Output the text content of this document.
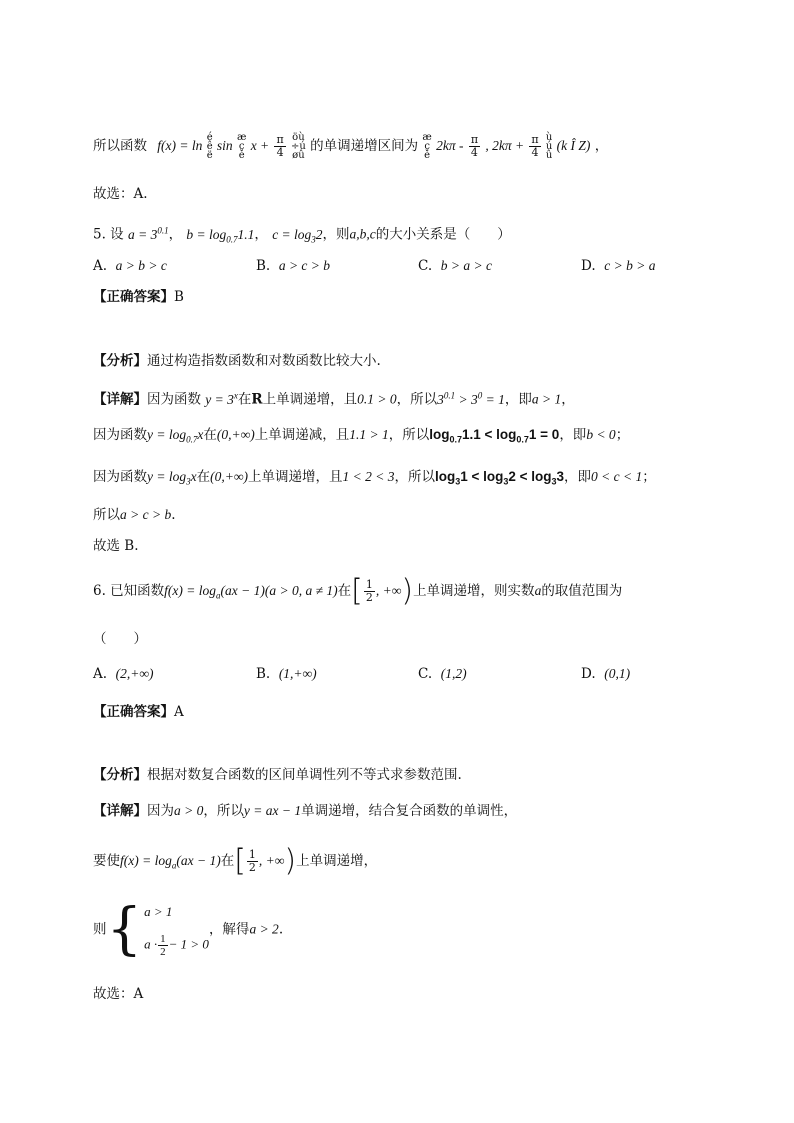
所以函数 f(x) = ln
é
ê
ë
sin
æ
ç
è
$x + \frac{\pi}{4}$
öù
÷ú
øû
的单调递增区间为
æ
ç
è
$2k\pi - \frac{\pi}{4}$ , $2k\pi + \frac{\pi}{4}$
ù
ú
û
(k Î Z) ，
故选：A.
5. 设 $a = 3^{0.1}$， $b = \log_{0.7}1.1$， $c = \log_32$，则a,b,c的大小关系是（　　）
A. a > b > c	B. a > c > b	C. b > a > c	D. c > b > a
【正确答案】B
【分析】通过构造指数函数和对数函数比较大小.
【详解】因为函数 $y = 3^x$在R上单调递增，且0.1 > 0，所以$3^{0.1} > 3^0 = 1$，即a > 1，
因为函数$y = \log_{0.7}x$在(0,+∞)上单调递减，且1.1 > 1，所以$\log_{0.7}1.1 < \log_{0.7}1 = 0$，即b < 0；
因为函数$y = \log_3x$在(0,+∞)上单调递增，且1 < 2 < 3，所以$\log_31 < \log_32 < \log_33$，即0 < c < 1；
所以a > c > b.
故选 B.
6. 已知函数$f(x) = \log_a(ax - 1)(a > 0$, a ≠ 1)在[ $\frac{1}{2}$ , +∞)上单调递增，则实数a的取值范围为
（　　）
A. (2,+∞)	B. (1,+∞)	C. (1,2)	D. (0,1)
【正确答案】A
【分析】根据对数复合函数的区间单调性列不等式求参数范围.
【详解】因为a > 0，所以y = ax − 1单调递增，结合复合函数的单调性，
要使$f(x) = \log_a(ax - 1)$在[ $\frac{1}{2}$ , +∞)上单调递增，
则 { a > 1
$a \cdot \frac{1}{2} - 1 > 0$
，解得a > 2.
故选：A
